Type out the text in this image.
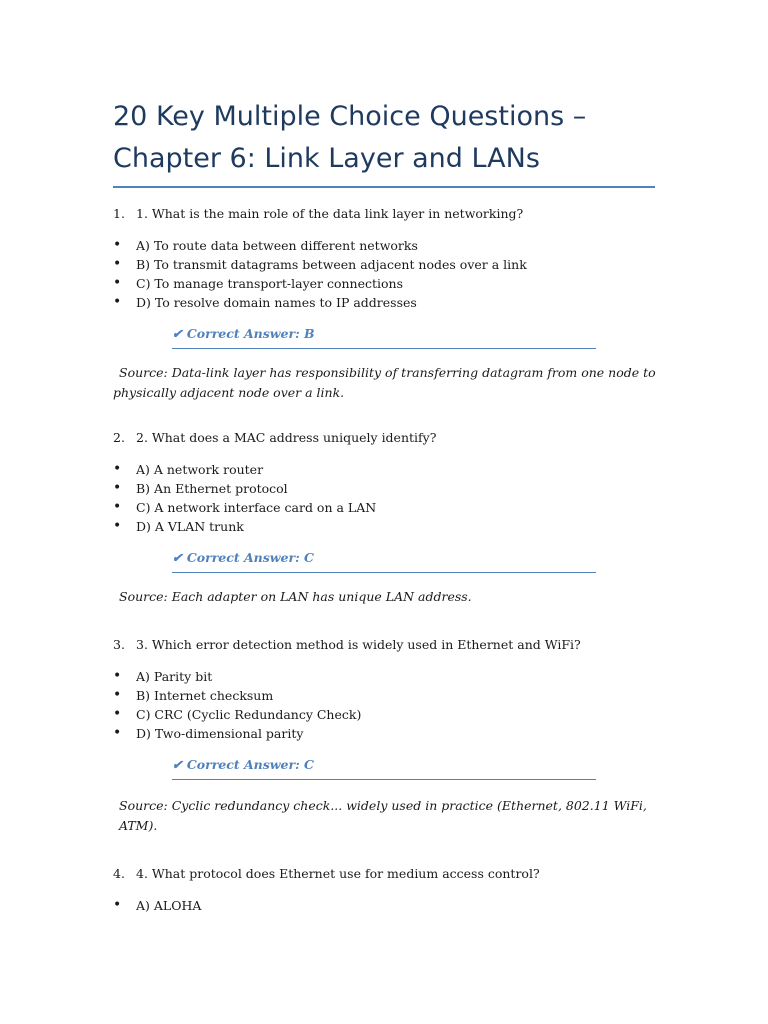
20 Key Multiple Choice Questions –
Chapter 6: Link Layer and LANs
1. 1. What is the main role of the data link layer in networking?
•	A) To route data between different networks
•	B) To transmit datagrams between adjacent nodes over a link
•	C) To manage transport-layer connections
•	D) To resolve domain names to IP addresses
✔ Correct Answer: B
Source: Data-link layer has responsibility of transferring datagram from one node to physically adjacent node over a link.
2. 2. What does a MAC address uniquely identify?
•	A) A network router
•	B) An Ethernet protocol
•	C) A network interface card on a LAN
•	D) A VLAN trunk
✔ Correct Answer: C
Source: Each adapter on LAN has unique LAN address.
3. 3. Which error detection method is widely used in Ethernet and WiFi?
•	A) Parity bit
•	B) Internet checksum
•	C) CRC (Cyclic Redundancy Check)
•	D) Two-dimensional parity
✔ Correct Answer: C
Source: Cyclic redundancy check... widely used in practice (Ethernet, 802.11 WiFi, ATM).
4. 4. What protocol does Ethernet use for medium access control?
•	A) ALOHA
